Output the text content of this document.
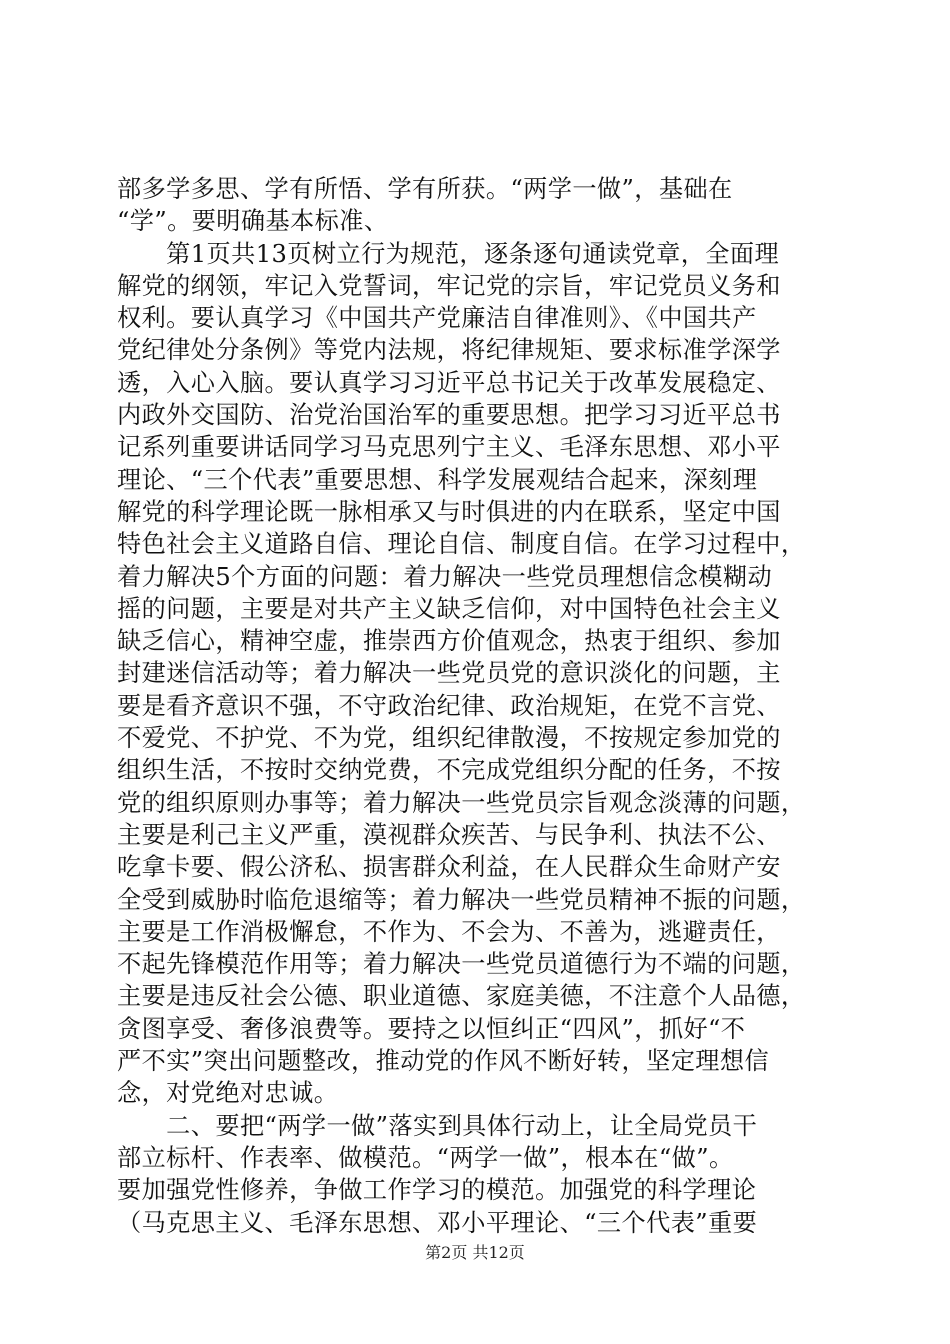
部多学多思、学有所悟、学有所获。“两学一做”，基础在
“学”。要明确基本标准、
　　第1页共13页树立行为规范，逐条逐句通读党章，全面理
解党的纲领，牢记入党誓词，牢记党的宗旨，牢记党员义务和
权利。要认真学习《中国共产党廉洁自律准则》、《中国共产
党纪律处分条例》等党内法规，将纪律规矩、要求标准学深学
透，入心入脑。要认真学习习近平总书记关于改革发展稳定、
内政外交国防、治党治国治军的重要思想。把学习习近平总书
记系列重要讲话同学习马克思列宁主义、毛泽东思想、邓小平
理论、“三个代表”重要思想、科学发展观结合起来，深刻理
解党的科学理论既一脉相承又与时俱进的内在联系，坚定中国
特色社会主义道路自信、理论自信、制度自信。在学习过程中，
着力解决5个方面的问题：着力解决一些党员理想信念模糊动
摇的问题，主要是对共产主义缺乏信仰，对中国特色社会主义
缺乏信心，精神空虚，推崇西方价值观念，热衷于组织、参加
封建迷信活动等；着力解决一些党员党的意识淡化的问题，主
要是看齐意识不强，不守政治纪律、政治规矩，在党不言党、
不爱党、不护党、不为党，组织纪律散漫，不按规定参加党的
组织生活，不按时交纳党费，不完成党组织分配的任务，不按
党的组织原则办事等；着力解决一些党员宗旨观念淡薄的问题，
主要是利己主义严重，漠视群众疾苦、与民争利、执法不公、
吃拿卡要、假公济私、损害群众利益，在人民群众生命财产安
全受到威胁时临危退缩等；着力解决一些党员精神不振的问题，
主要是工作消极懈怠，不作为、不会为、不善为，逃避责任，
不起先锋模范作用等；着力解决一些党员道德行为不端的问题，
主要是违反社会公德、职业道德、家庭美德，不注意个人品德，
贪图享受、奢侈浪费等。要持之以恒纠正“四风”，抓好“不
严不实”突出问题整改，推动党的作风不断好转，坚定理想信
念，对党绝对忠诚。
　　二、要把“两学一做”落实到具体行动上，让全局党员干
部立标杆、作表率、做模范。“两学一做”，根本在“做”。
要加强党性修养，争做工作学习的模范。加强党的科学理论
（马克思主义、毛泽东思想、邓小平理论、“三个代表”重要
第2页 共12页
